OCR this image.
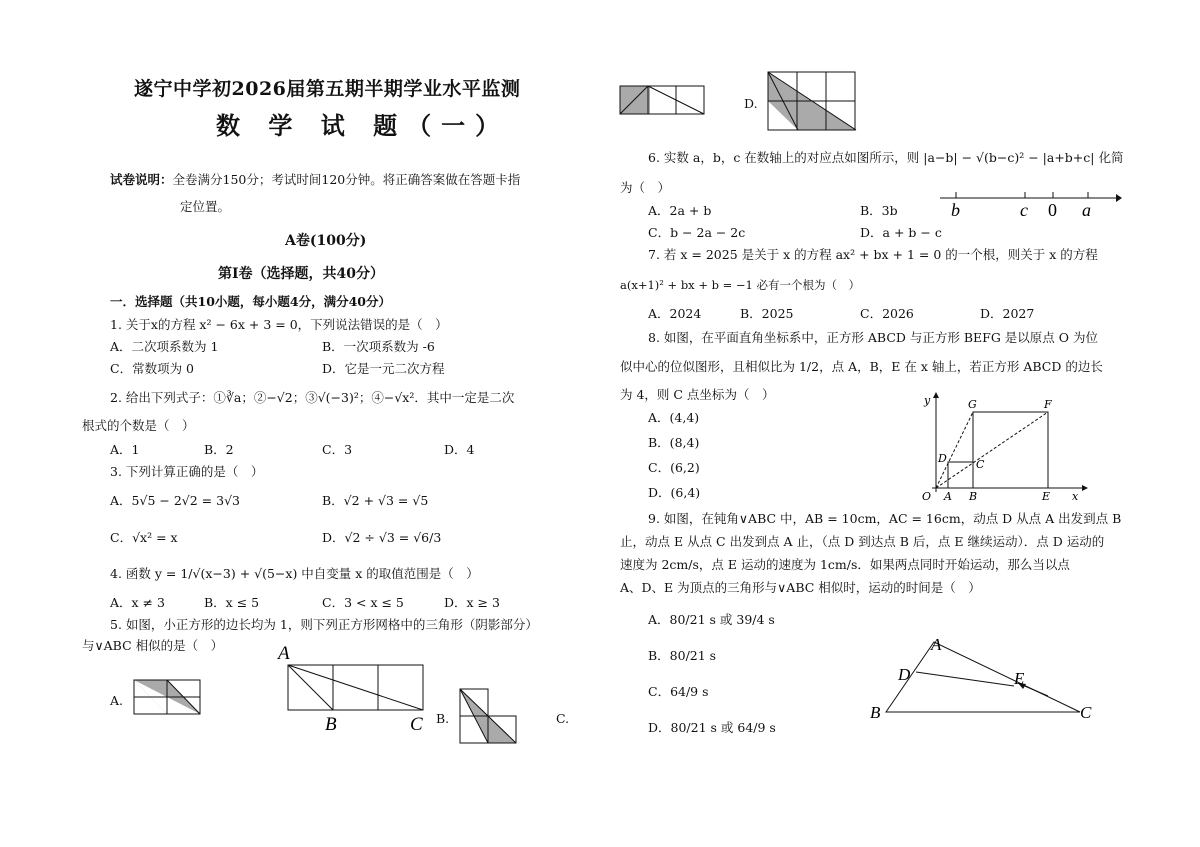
遂宁中学初2026届第五期半期学业水平监测
数 学 试 题（一）
试卷说明：全卷满分150分；考试时间120分钟。将正确答案做在答题卡指
定位置。
A卷(100分)
第Ⅰ卷（选择题，共40分）
一．选择题（共10小题，每小题4分，满分40分）
1. 关于x的方程 x² − 6x + 3 = 0，下列说法错误的是（　）
A．二次项系数为 1	B．一次项系数为 -6
C．常数项为 0	D．它是一元二次方程
2. 给出下列式子：①∛a；②−√2；③√(−3)²；④−√x²．其中一定是二次
根式的个数是（　）
A．1	B．2	C．3	D．4
3. 下列计算正确的是（　）
A．5√5 − 2√2 = 3√3	B．√2 + √3 = √5
C．√x² = x	D．√2 ÷ √3 = √6/3
4. 函数 y = 1/√(x−3) + √(5−x) 中自变量 x 的取值范围是（　）
A．x ≠ 3	B．x ≤ 5	C．3 < x ≤ 5	D．x ≥ 3
5. 如图，小正方形的边长均为 1，则下列正方形网格中的三角形（阴影部分）
与∨ABC 相似的是（　）	A
B	C
A.
B.	C.
D.
6. 实数 a，b，c 在数轴上的对应点如图所示，则 |a−b| − √(b−c)² − |a+b+c| 化简
为（　）
A．2a + b	B．3b
C．b − 2a − 2c	D．a + b − c
b	c 0 a
7. 若 x = 2025 是关于 x 的方程 ax² + bx + 1 = 0 的一个根，则关于 x 的方程
a(x+1)² + bx + b = −1 必有一个根为（　）
A．2024	B．2025	C．2026	D．2027
8. 如图，在平面直角坐标系中，正方形 ABCD 与正方形 BEFG 是以原点 O 为位
似中心的位似图形，且相似比为 1/2，点 A，B，E 在 x 轴上，若正方形 ABCD 的边长
为 4，则 C 点坐标为（　）
A．(4,4)
B．(8,4)
C．(6,2)
D．(6,4)
y	G	F
D	C
O A B	E x
9. 如图，在钝角∨ABC 中，AB = 10cm，AC = 16cm，动点 D 从点 A 出发到点 B
止，动点 E 从点 C 出发到点 A 止，（点 D 到达点 B 后，点 E 继续运动）．点 D 运动的
速度为 2cm/s，点 E 运动的速度为 1cm/s．如果两点同时开始运动，那么当以点
A、D、E 为顶点的三角形与∨ABC 相似时，运动的时间是（　）
A．80/21 s 或 39/4 s
B．80/21 s
C．64/9 s
D．80/21 s 或 64/9 s
A
D	E
B	C
